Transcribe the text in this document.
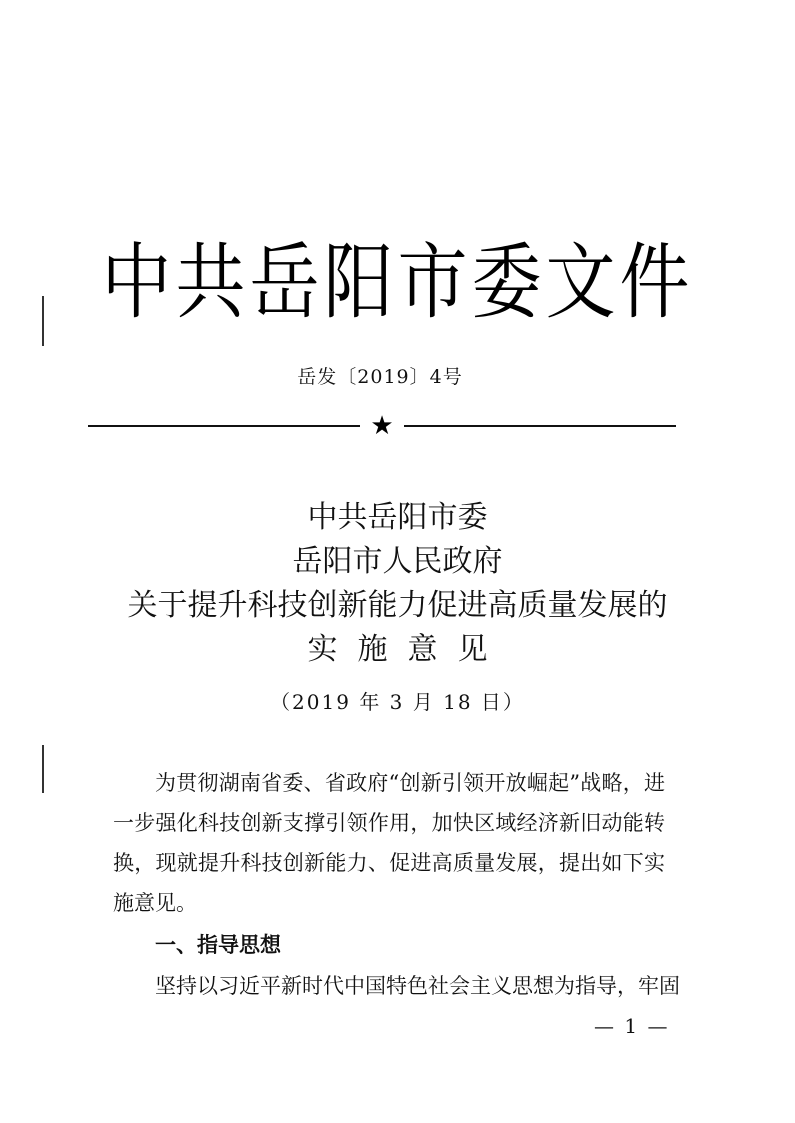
中共岳阳市委文件
岳发〔2019〕4号
★
中共岳阳市委
岳阳市人民政府
关于提升科技创新能力促进高质量发展的
实施意见
（2019 年 3 月 18 日）

为贯彻湖南省委、省政府“创新引领开放崛起”战略，进一步强化科技创新支撑引领作用，加快区域经济新旧动能转换，现就提升科技创新能力、促进高质量发展，提出如下实施意见。

一、指导思想
坚持以习近平新时代中国特色社会主义思想为指导，牢固
— 1 —
